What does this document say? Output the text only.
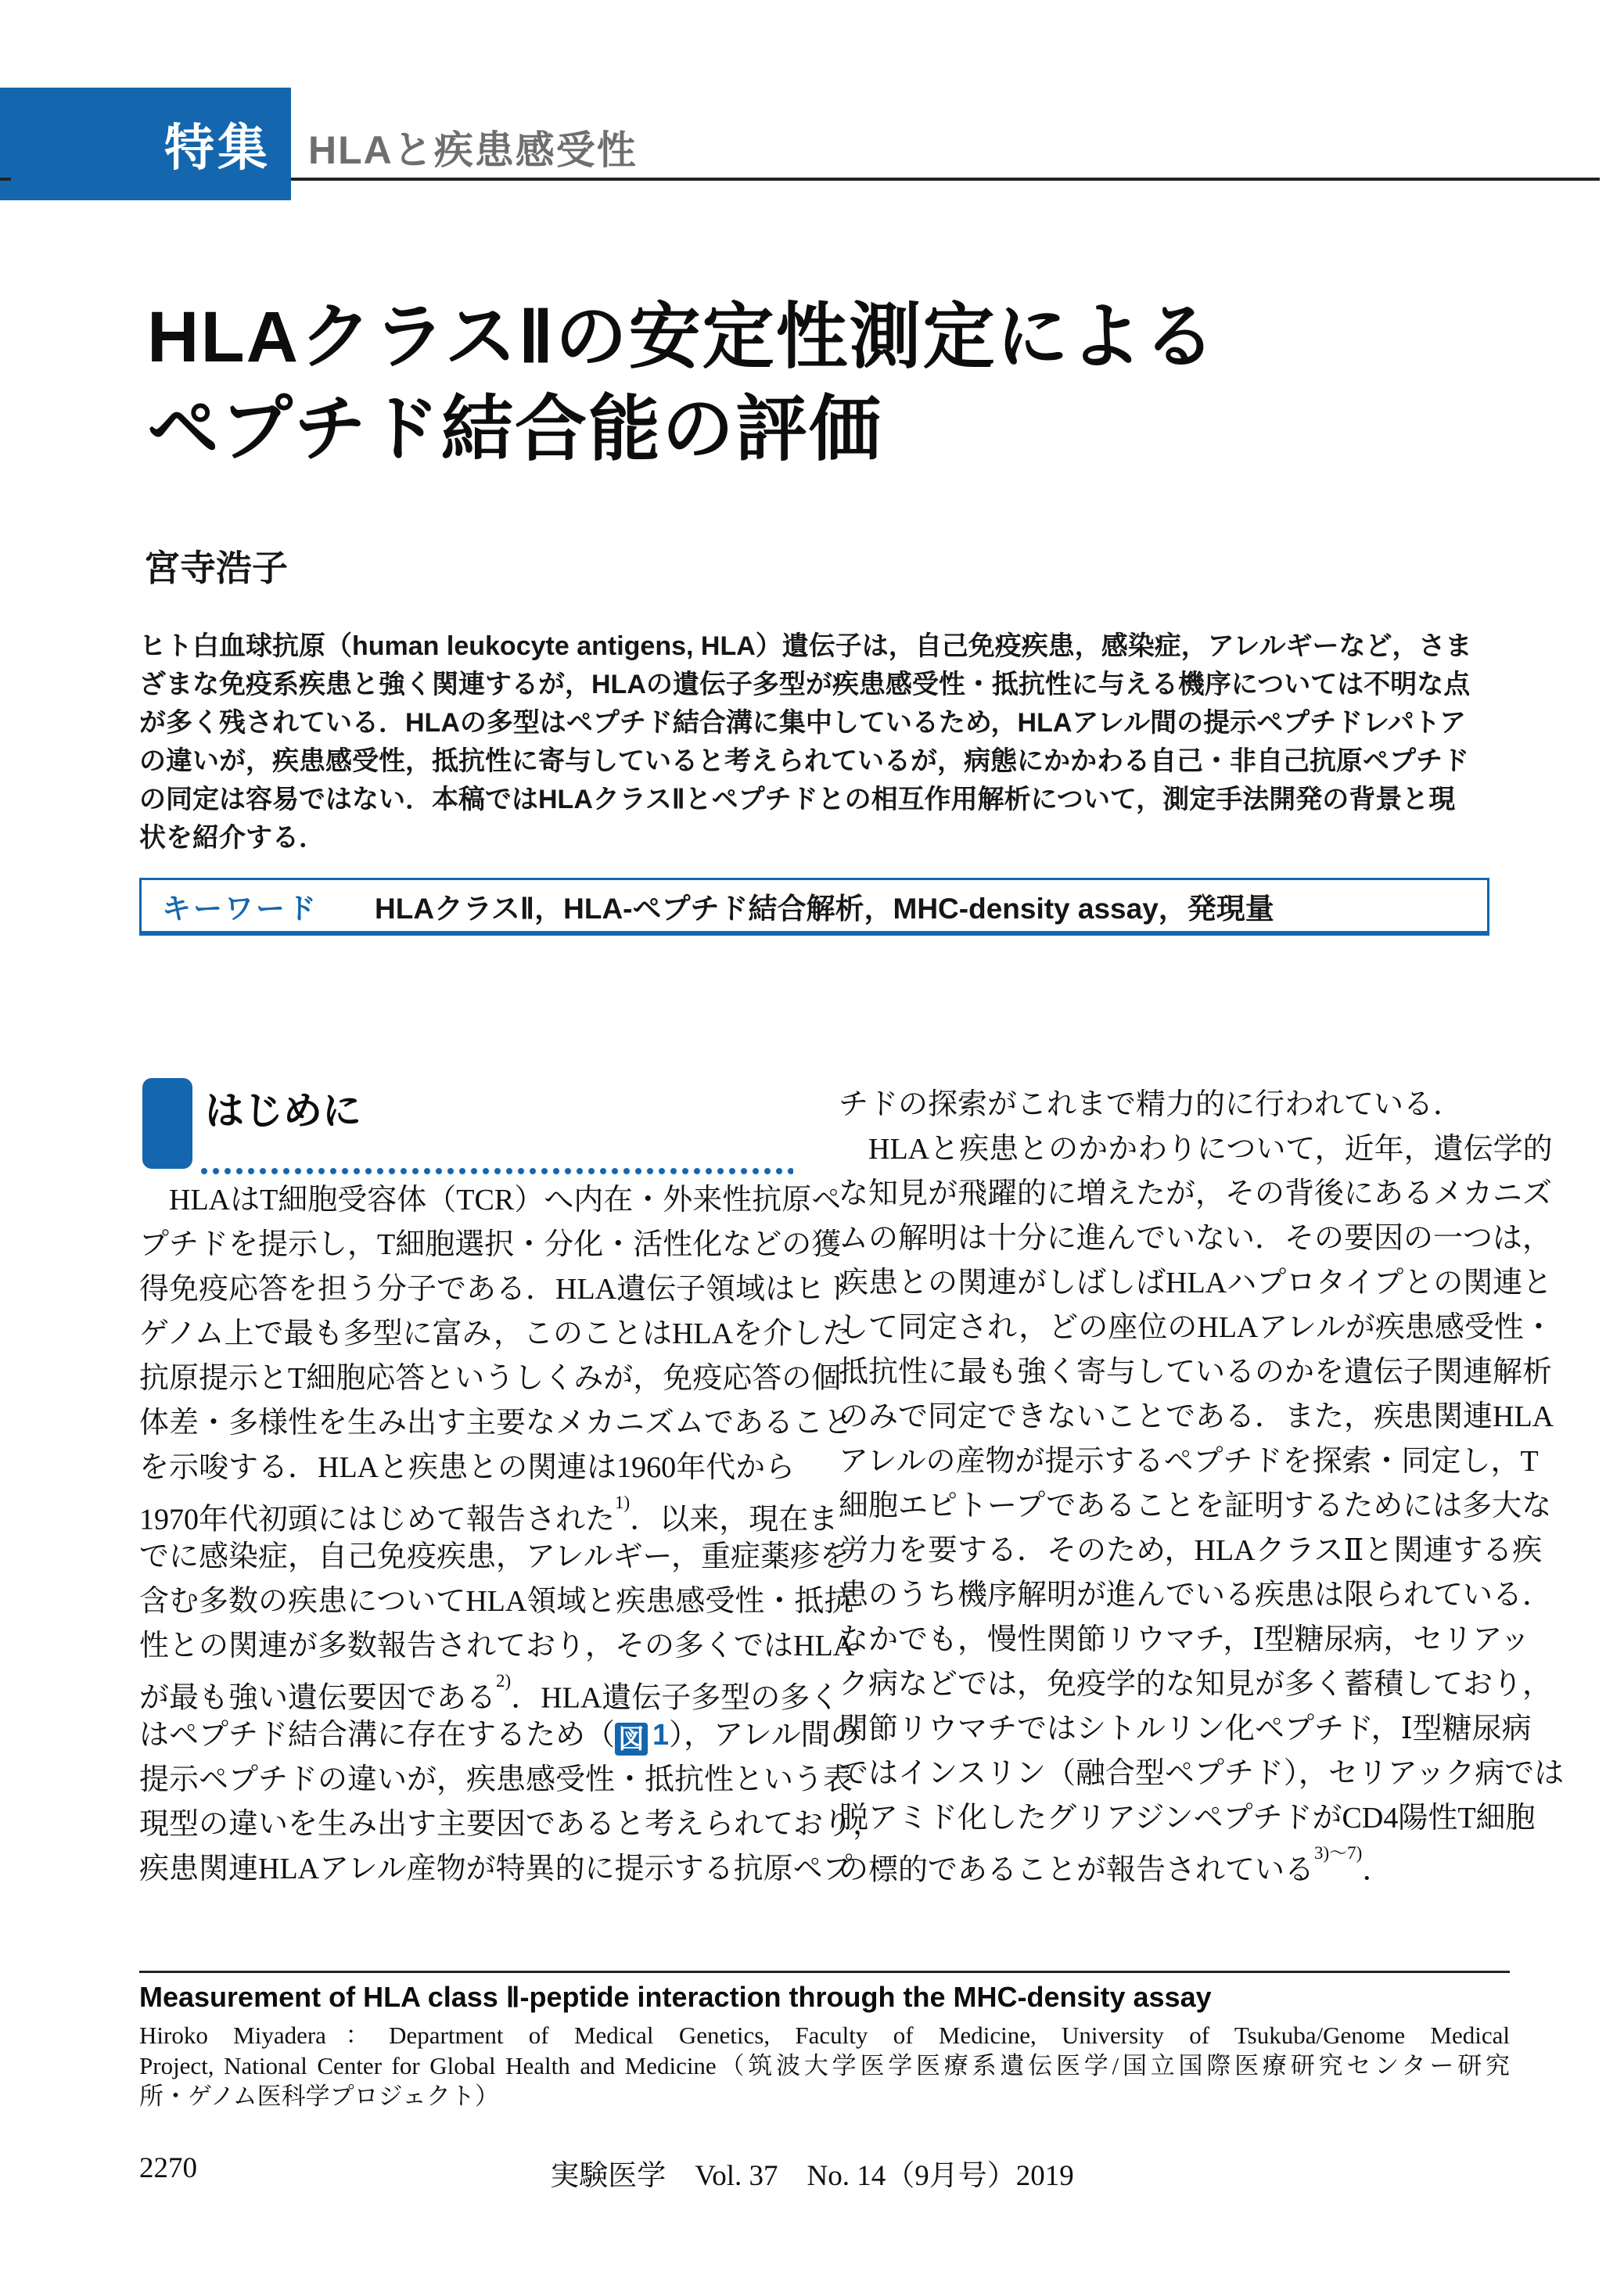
特集 HLAと疾患感受性
HLAクラスⅡの安定性測定による
ペプチド結合能の評価
宮寺浩子
ヒト白血球抗原（human leukocyte antigens, HLA）遺伝子は，自己免疫疾患，感染症，アレルギーなど，さま
ざまな免疫系疾患と強く関連するが，HLAの遺伝子多型が疾患感受性・抵抗性に与える機序については不明な点
が多く残されている．HLAの多型はペプチド結合溝に集中しているため，HLAアレル間の提示ペプチドレパトア
の違いが，疾患感受性，抵抗性に寄与していると考えられているが，病態にかかわる自己・非自己抗原ペプチド
の同定は容易ではない．本稿ではHLAクラスⅡとペプチドとの相互作用解析について，測定手法開発の背景と現
状を紹介する．
キーワード HLAクラスⅡ，HLA-ペプチド結合解析，MHC-density assay，発現量
はじめに
　HLAはT細胞受容体（TCR）へ内在・外来性抗原ペ
プチドを提示し，T細胞選択・分化・活性化などの獲
得免疫応答を担う分子である．HLA遺伝子領域はヒト
ゲノム上で最も多型に富み，このことはHLAを介した
抗原提示とT細胞応答というしくみが，免疫応答の個
体差・多様性を生み出す主要なメカニズムであること
を示唆する．HLAと疾患との関連は1960年代から
1970年代初頭にはじめて報告された$^{1)}$．以来，現在ま
でに感染症，自己免疫疾患，アレルギー，重症薬疹を
含む多数の疾患についてHLA領域と疾患感受性・抵抗
性との関連が多数報告されており，その多くではHLA
が最も強い遺伝要因である$^{2)}$．HLA遺伝子多型の多く
はペプチド結合溝に存在するため（ 図 1），アレル間の
提示ペプチドの違いが，疾患感受性・抵抗性という表
現型の違いを生み出す主要因であると考えられており，
疾患関連HLAアレル産物が特異的に提示する抗原ペプ
チドの探索がこれまで精力的に行われている．
　HLAと疾患とのかかわりについて，近年，遺伝学的
な知見が飛躍的に増えたが，その背後にあるメカニズ
ムの解明は十分に進んでいない．その要因の一つは，
疾患との関連がしばしばHLAハプロタイプとの関連と
して同定され，どの座位のHLAアレルが疾患感受性・
抵抗性に最も強く寄与しているのかを遺伝子関連解析
のみで同定できないことである．また，疾患関連HLA
アレルの産物が提示するペプチドを探索・同定し，T
細胞エピトープであることを証明するためには多大な
労力を要する．そのため，HLAクラスⅡと関連する疾
患のうち機序解明が進んでいる疾患は限られている．
なかでも，慢性関節リウマチ，Ⅰ型糖尿病，セリアッ
ク病などでは，免疫学的な知見が多く蓄積しており，
関節リウマチではシトルリン化ペプチド，Ⅰ型糖尿病
ではインスリン（融合型ペプチド），セリアック病では
脱アミド化したグリアジンペプチドがCD4陽性T細胞
の標的であることが報告されている$^{3)\sim 7)}$．
Measurement of HLA class Ⅱ-peptide interaction through the MHC-density assay
Hiroko Miyadera：Department of Medical Genetics, Faculty of Medicine, University of Tsukuba/Genome Medical
Project, National Center for Global Health and Medicine（筑波大学医学医療系遺伝医学/国立国際医療研究センター研究
所・ゲノム医科学プロジェクト）
2270	実験医学　Vol. 37　No. 14（9月号）2019
